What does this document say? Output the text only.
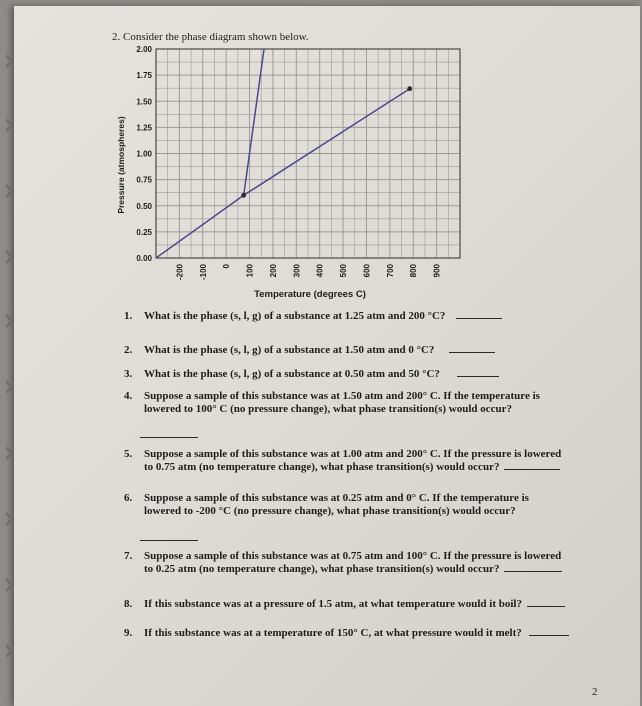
›
›
›
›
›
›
›
›
›
›
2. Consider the phase diagram shown below.
0.00
0.25
0.50
0.75
1.00
1.25
1.50
1.75
2.00
-200 -100 0 100 200 300 400 500 600 700 800 900
Temperature (degrees C)
Pressure (atmospheres)
1. What is the phase (s, l, g) of a substance at 1.25 atm and 200 °C?
2. What is the phase (s, l, g) of a substance at 1.50 atm and 0 °C?
3. What is the phase (s, l, g) of a substance at 0.50 atm and 50 °C?
4. Suppose a sample of this substance was at 1.50 atm and 200° C. If the temperature is
lowered to 100° C (no pressure change), what phase transition(s) would occur?
5. Suppose a sample of this substance was at 1.00 atm and 200° C. If the pressure is lowered
to 0.75 atm (no temperature change), what phase transition(s) would occur?
6. Suppose a sample of this substance was at 0.25 atm and 0° C. If the temperature is
lowered to -200 °C (no pressure change), what phase transition(s) would occur?
7. Suppose a sample of this substance was at 0.75 atm and 100° C. If the pressure is lowered
to 0.25 atm (no temperature change), what phase transition(s) would occur?
8. If this substance was at a pressure of 1.5 atm, at what temperature would it boil?
9. If this substance was at a temperature of 150° C, at what pressure would it melt?
2
